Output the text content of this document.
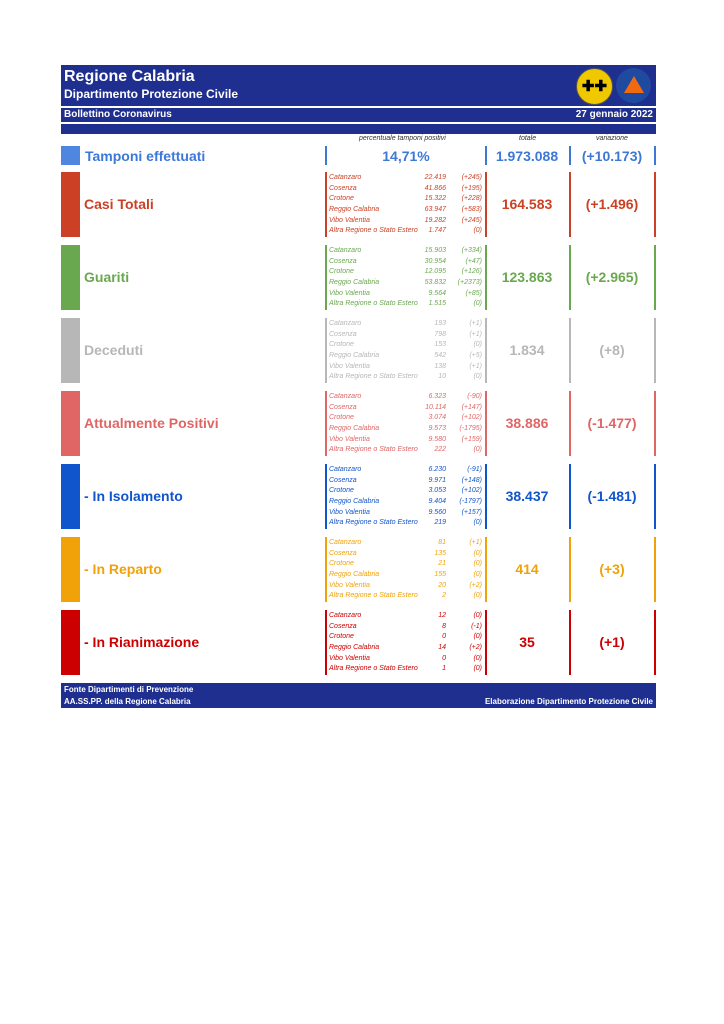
Regione Calabria
Dipartimento Protezione Civile	✚✚
Bollettino Coronavirus	27 gennaio 2022
percentuale tamponi positivi	totale	variazione
Tamponi effettuati	14,71%	1.973.088	(+10.173)
Casi Totali
Catanzaro	22.419 (+245)
Cosenza	41.866 (+195)
Crotone	15.322 (+228)
Reggio Calabria	63.947 (+583)
Vibo Valentia	19.282 (+245)
Altra Regione o Stato Estero 1.747	(0)
164.583	(+1.496)
Guariti
Catanzaro	15.903 (+334)
Cosenza	30.954	(+47)
Crotone	12.095 (+126)
Reggio Calabria	53.832 (+2373)
Vibo Valentia	9.564	(+85)
Altra Regione o Stato Estero 1.515	(0)
123.863	(+2.965)
Deceduti
Catanzaro	193	(+1)
Cosenza	798	(+1)
Crotone	153	(0)
Reggio Calabria	542	(+5)
Vibo Valentia	138	(+1)
Altra Regione o Stato Estero	10	(0)
1.834	(+8)
Attualmente Positivi
Catanzaro	6.323	(-90)
Cosenza	10.114 (+147)
Crotone	3.074 (+102)
Reggio Calabria	9.573 (-1795)
Vibo Valentia	9.580 (+159)
Altra Regione o Stato Estero 222	(0)
38.886	(-1.477)
- In Isolamento
Catanzaro	6.230	(-91)
Cosenza	9.971 (+148)
Crotone	3.053 (+102)
Reggio Calabria	9.404 (-1797)
Vibo Valentia	9.560 (+157)
Altra Regione o Stato Estero 219	(0)
38.437	(-1.481)
- In Reparto
Catanzaro	81	(+1)
Cosenza	135	(0)
Crotone	21	(0)
Reggio Calabria	155	(0)
Vibo Valentia	20	(+2)
Altra Regione o Stato Estero	2	(0)
414	(+3)
- In Rianimazione
Catanzaro	12	(0)
Cosenza	8	(-1)
Crotone	0	(0)
Reggio Calabria	14	(+2)
Vibo Valentia	0	(0)
Altra Regione o Stato Estero	1	(0)
35	(+1)
Fonte Dipartimenti di Prevenzione
AA.SS.PP. della Regione Calabria	Elaborazione Dipartimento Protezione Civile
